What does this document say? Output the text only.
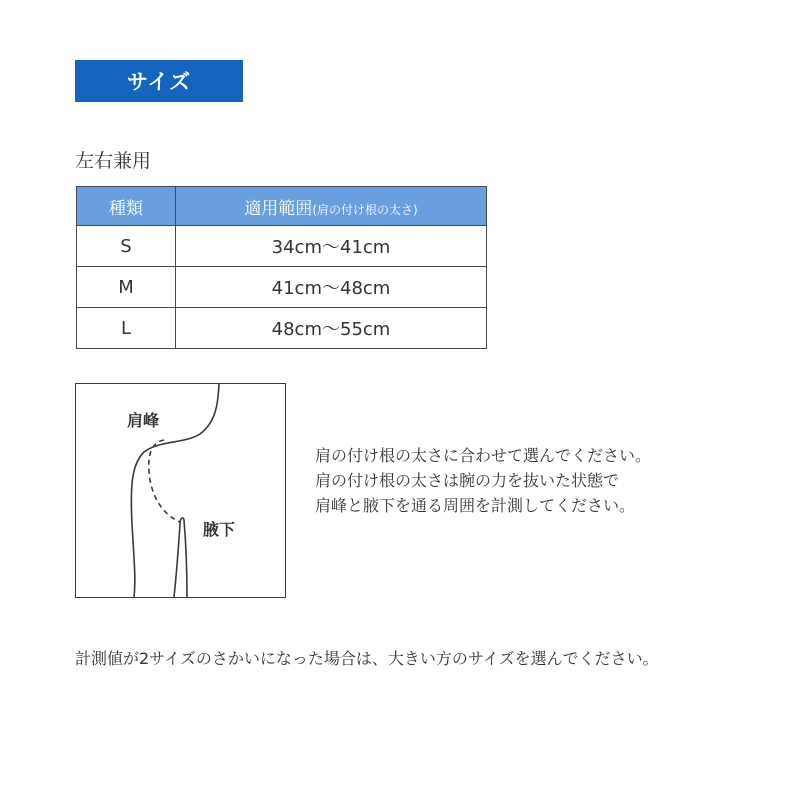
サイズ
左右兼用
種類	適用範囲(肩の付け根の太さ)
S	34cm〜41cm
M	41cm〜48cm
L	48cm〜55cm
肩峰
腋下
肩の付け根の太さに合わせて選んでください。
肩の付け根の太さは腕の力を抜いた状態で
肩峰と腋下を通る周囲を計測してください。
計測値が2サイズのさかいになった場合は、大きい方のサイズを選んでください。
